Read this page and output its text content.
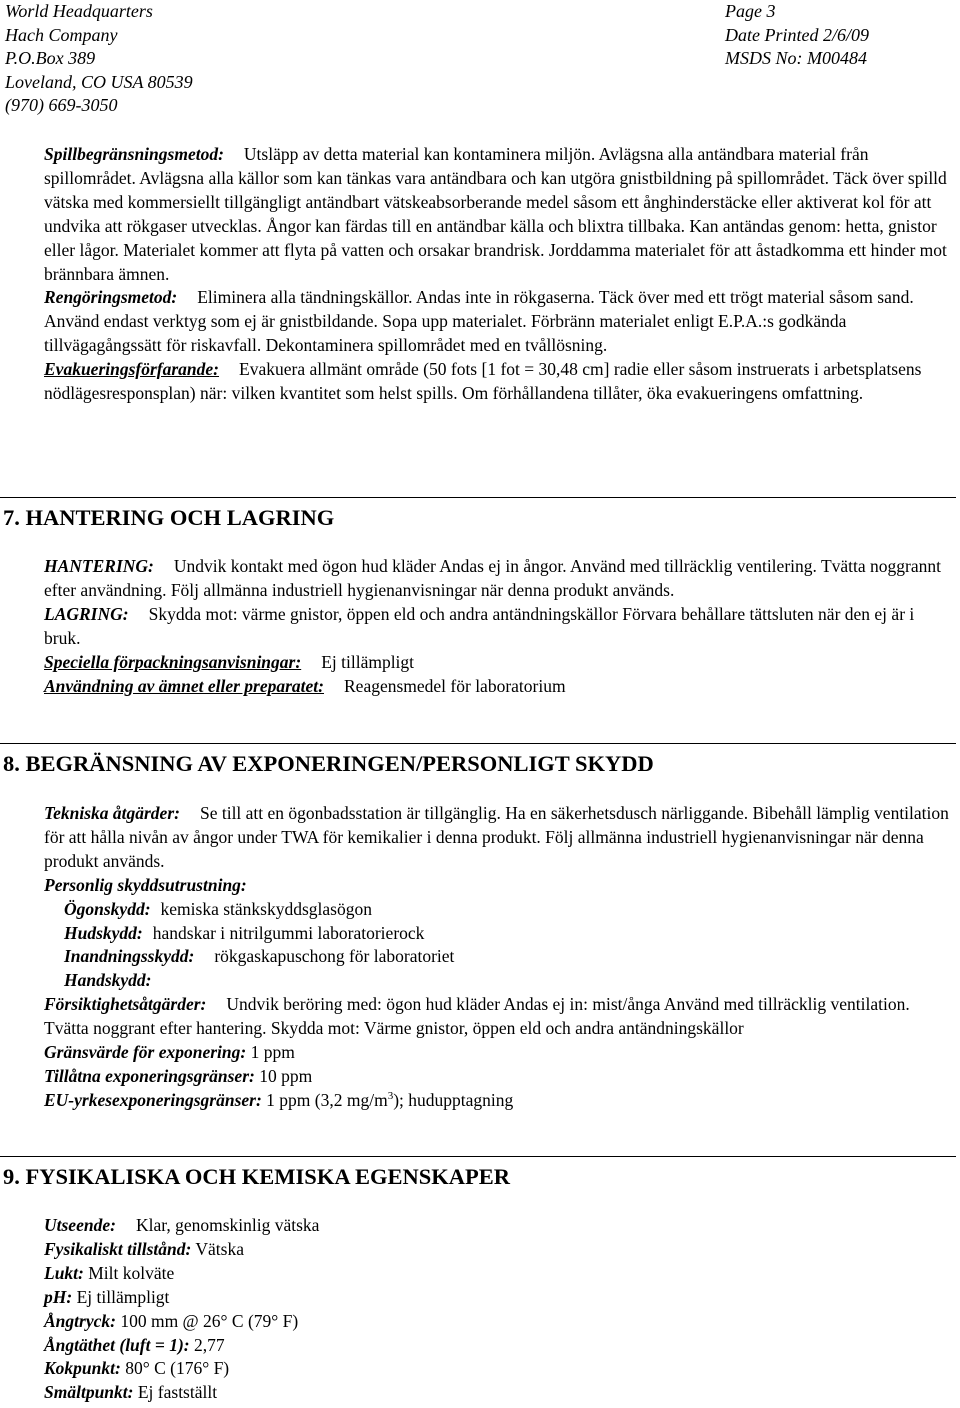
World Headquarters
Hach Company
P.O.Box 389
Loveland, CO USA 80539
(970) 669-3050
Page 3
Date Printed 2/6/09
MSDS No: M00484

Spillbegränsningsmetod: Utsläpp av detta material kan kontaminera miljön. Avlägsna alla antändbara material från spillområdet. Avlägsna alla källor som kan tänkas vara antändbara och kan utgöra gnistbildning på spillområdet. Täck över spilld vätska med kommersiellt tillgängligt antändbart vätskeabsorberande medel såsom ett ånghinderstäcke eller aktiverat kol för att undvika att rökgaser utvecklas. Ångor kan färdas till en antändbar källa och blixtra tillbaka. Kan antändas genom: hetta, gnistor eller lågor. Materialet kommer att flyta på vatten och orsakar brandrisk. Jorddamma materialet för att åstadkomma ett hinder mot brännbara ämnen.

Rengöringsmetod: Eliminera alla tändningskällor. Andas inte in rökgaserna. Täck över med ett trögt material såsom sand. Använd endast verktyg som ej är gnistbildande. Sopa upp materialet. Förbränn materialet enligt E.P.A.:s godkända tillvägagångssätt för riskavfall. Dekontaminera spillområdet med en tvållösning.

Evakueringsförfarande: Evakuera allmänt område (50 fots [1 fot = 30,48 cm] radie eller såsom instruerats i arbetsplatsens nödlägesresponsplan) när: vilken kvantitet som helst spills. Om förhållandena tillåter, öka evakueringens omfattning.

7. HANTERING OCH LAGRING

HANTERING: Undvik kontakt med ögon hud kläder Andas ej in ångor. Använd med tillräcklig ventilering. Tvätta noggrannt efter användning. Följ allmänna industriell hygienanvisningar när denna produkt används.

LAGRING: Skydda mot: värme gnistor, öppen eld och andra antändningskällor Förvara behållare tättsluten när den ej är i bruk.

Speciella förpackningsanvisningar: Ej tillämpligt

Användning av ämnet eller preparatet: Reagensmedel för laboratorium

8. BEGRÄNSNING AV EXPONERINGEN/PERSONLIGT SKYDD

Tekniska åtgärder: Se till att en ögonbadsstation är tillgänglig. Ha en säkerhetsdusch närliggande. Bibehåll lämplig ventilation för att hålla nivån av ångor under TWA för kemikalier i denna produkt. Följ allmänna industriell hygienanvisningar när denna produkt används.

Personlig skyddsutrustning:

Ögonskydd: kemiska stänkskyddsglasögon

Hudskydd: handskar i nitrilgummi laboratorierock

Inandningsskydd: rökgaskapuschong för laboratoriet

Handskydd:

Försiktighetsåtgärder: Undvik beröring med: ögon hud kläder Andas ej in: mist/ånga Använd med tillräcklig ventilation. Tvätta noggrant efter hantering. Skydda mot: Värme gnistor, öppen eld och andra antändningskällor

Gränsvärde för exponering: 1 ppm

Tillåtna exponeringsgränser: 10 ppm

EU-yrkesexponeringsgränser: 1 ppm (3,2 $mg/m^3$); hudupptagning

9. FYSIKALISKA OCH KEMISKA EGENSKAPER

Utseende: Klar, genomskinlig vätska

Fysikaliskt tillstånd: Vätska

Lukt: Milt kolväte

pH: Ej tillämpligt

Ångtryck: 100 mm @ 26° C (79° F)

Ångtäthet (luft = 1): 2,77

Kokpunkt: 80° C (176° F)

Smältpunkt: Ej fastställt
